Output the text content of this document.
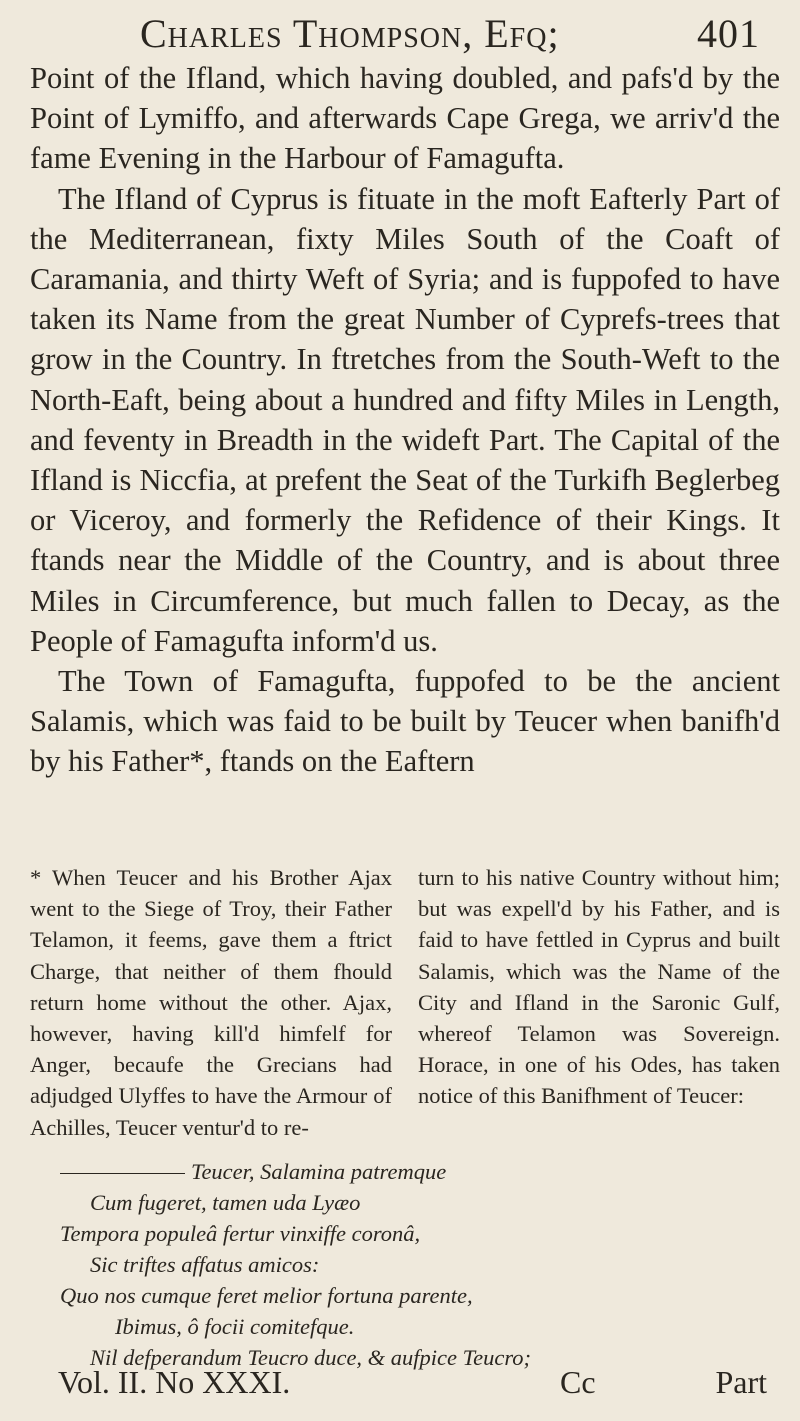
Charles Thompson, Efq;	401

Point of the Ifland, which having doubled, and pafs'd by the Point of Lymiffo, and afterwards Cape Grega, we arriv'd the fame Evening in the Harbour of Famagufta.

The Ifland of Cyprus is fituate in the moft Eafterly Part of the Mediterranean, fixty Miles South of the Coaft of Caramania, and thirty Weft of Syria; and is fuppofed to have taken its Name from the great Number of Cyprefs-trees that grow in the Country. In ftretches from the South-Weft to the North-Eaft, being about a hundred and fifty Miles in Length, and feventy in Breadth in the wideft Part. The Capital of the Ifland is Niccfia, at prefent the Seat of the Turkifh Beglerbeg or Viceroy, and formerly the Refidence of their Kings. It ftands near the Middle of the Country, and is about three Miles in Circumference, but much fallen to Decay, as the People of Famagufta inform'd us.

The Town of Famagufta, fuppofed to be the ancient Salamis, which was faid to be built by Teucer when banifh'd by his Father*, ftands on the Eaftern

* When Teucer and his Brother Ajax went to the Siege of Troy, their Father Telamon, it feems, gave them a ftrict Charge, that neither of them fhould return home without the other. Ajax, however, having kill'd himfelf for Anger, becaufe the Grecians had adjudged Ulyffes to have the Armour of Achilles, Teucer ventur'd to re-
turn to his native Country without him; but was expell'd by his Father, and is faid to have fettled in Cyprus and built Salamis, which was the Name of the City and Ifland in the Saronic Gulf, whereof Telamon was Sovereign. Horace, in one of his Odes, has taken notice of this Banifhment of Teucer:
Teucer, Salamina patremque
Cum fugeret, tamen uda Lyæo
Tempora populeâ fertur vinxiffe coronâ,
Sic triftes affatus amicos:
Quo nos cumque feret melior fortuna parente,
Ibimus, ô focii comitefque.
Nil defperandum Teucro duce, & aufpice Teucro;
Vol. II. No XXXI.	Cc	Part
